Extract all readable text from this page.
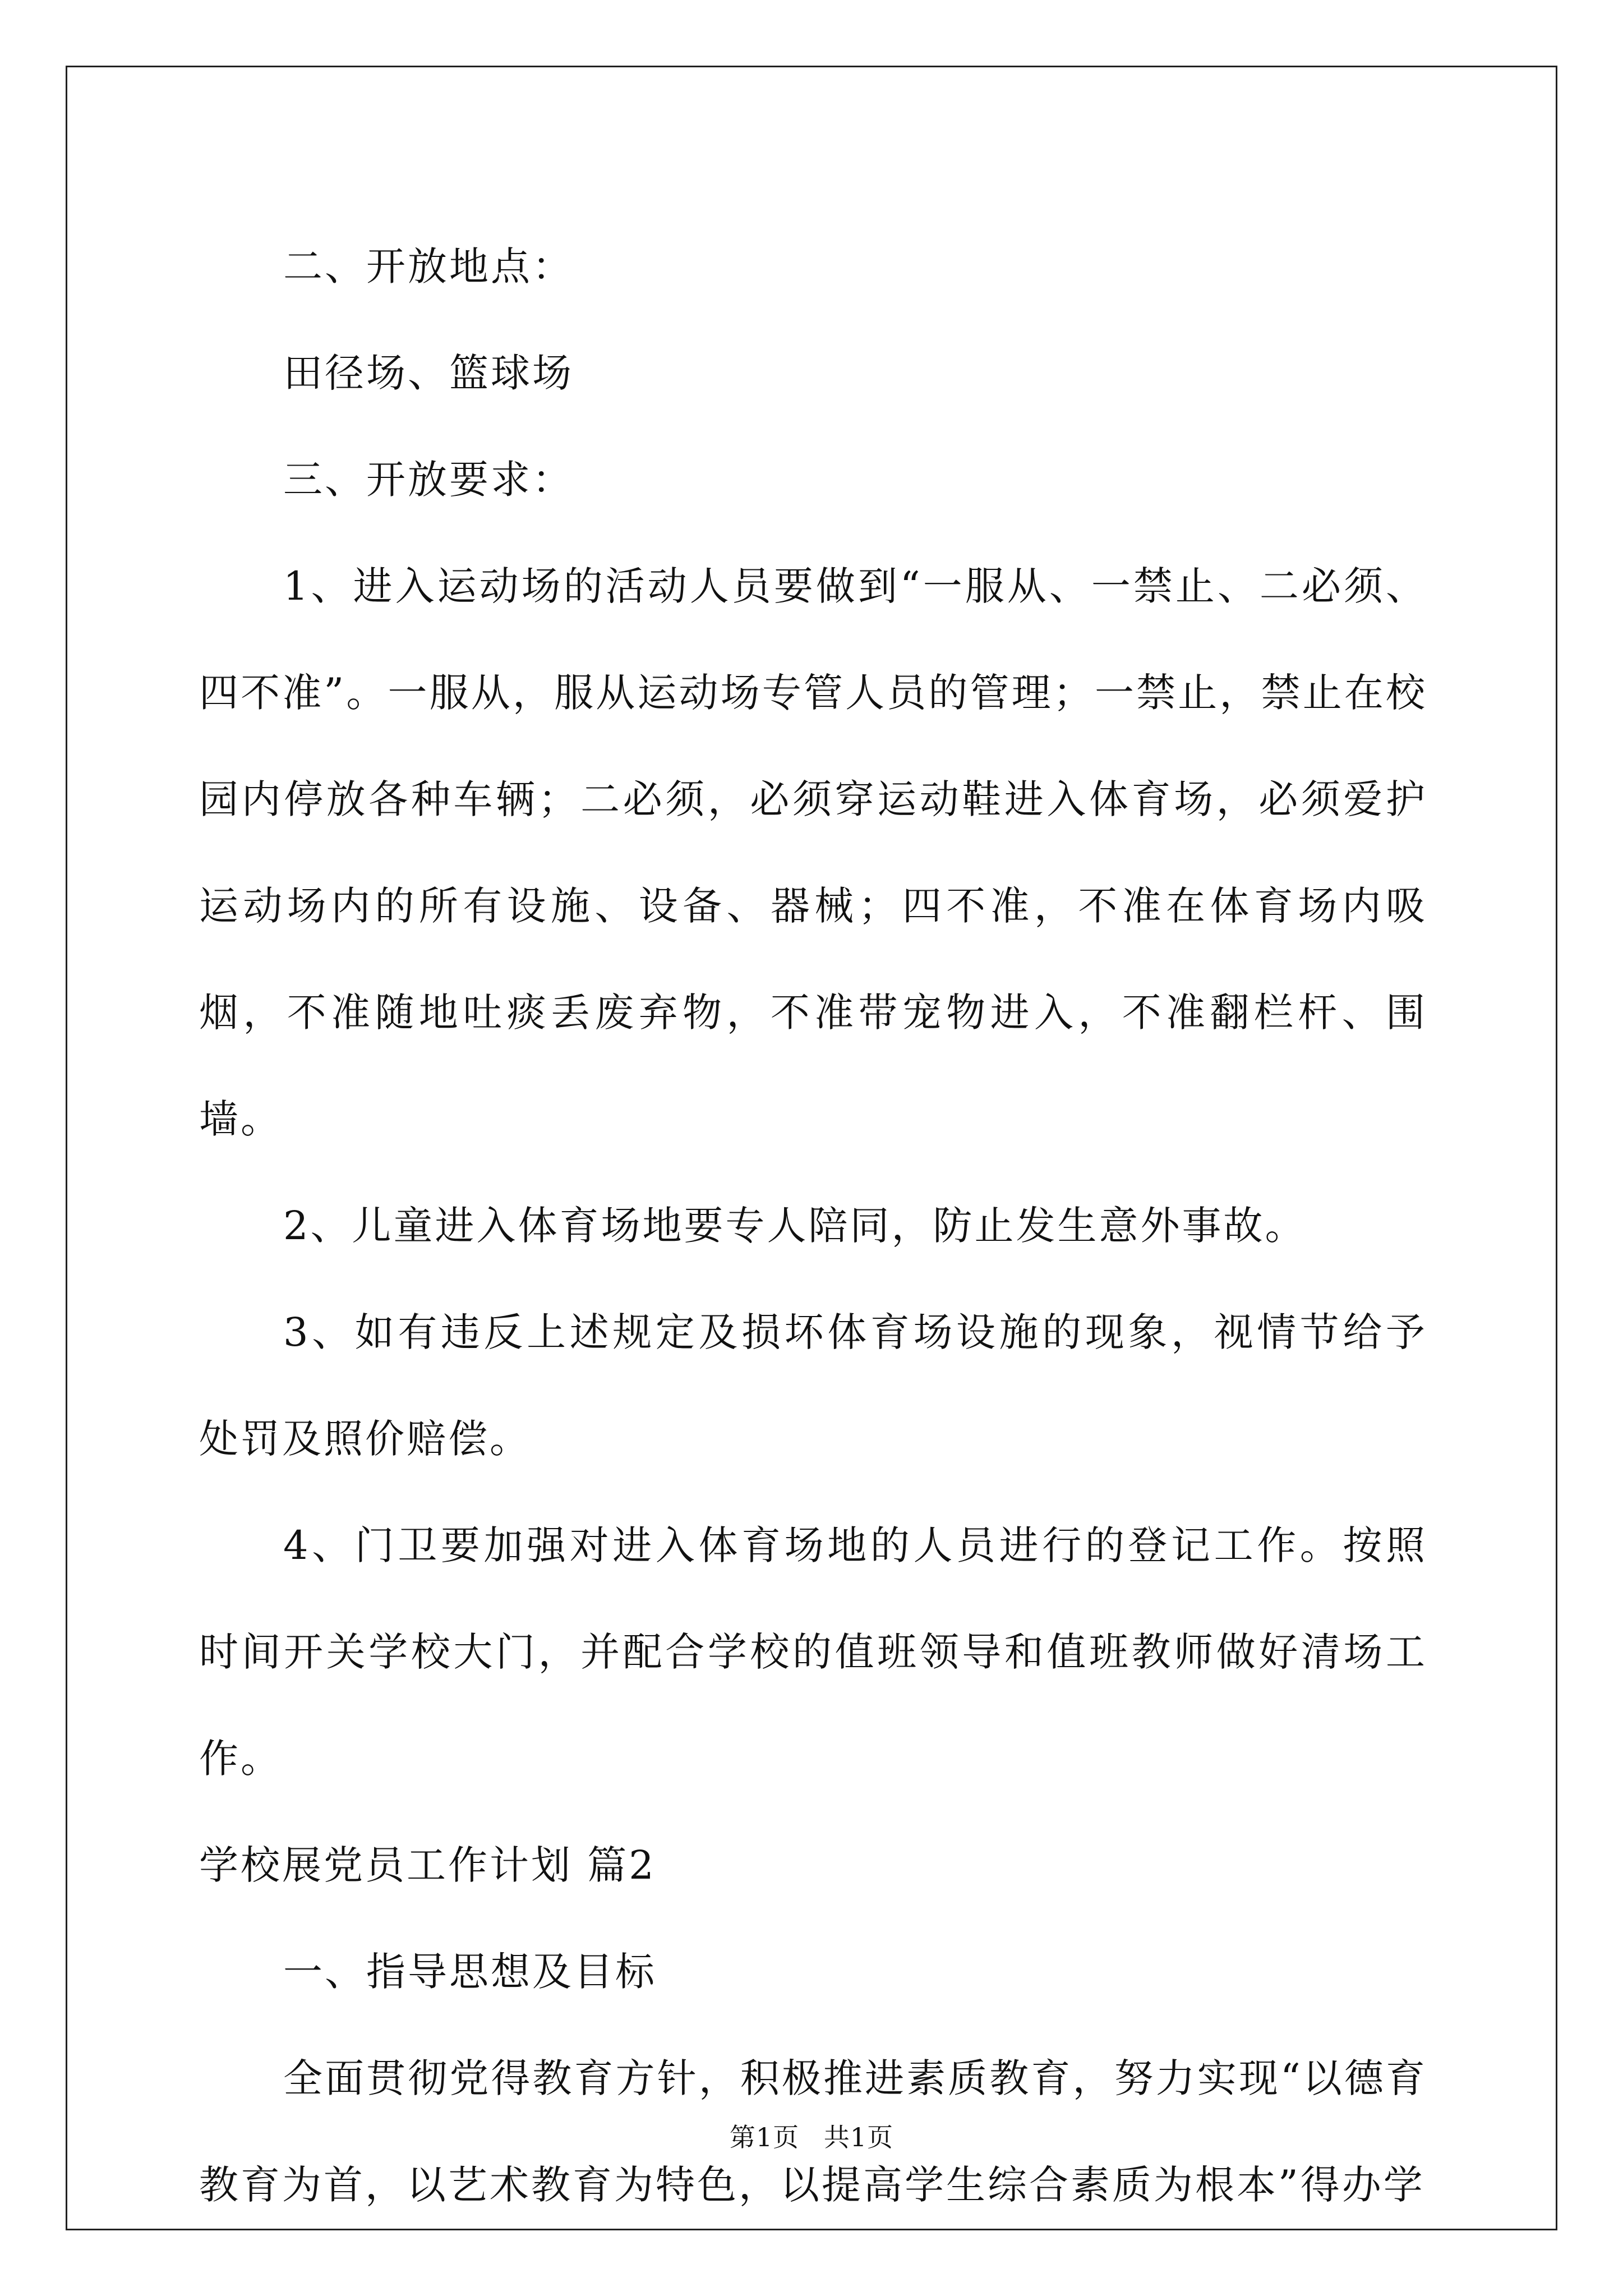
二、开放地点：

田径场、篮球场

三、开放要求：

1、进入运动场的活动人员要做到“一服从、一禁止、二必须、四不准”。一服从，服从运动场专管人员的管理；一禁止，禁止在校园内停放各种车辆；二必须，必须穿运动鞋进入体育场，必须爱护运动场内的所有设施、设备、器械；四不准，不准在体育场内吸烟，不准随地吐痰丢废弃物，不准带宠物进入，不准翻栏杆、围墙。

2、儿童进入体育场地要专人陪同，防止发生意外事故。

3、如有违反上述规定及损坏体育场设施的现象，视情节给予处罚及照价赔偿。

4、门卫要加强对进入体育场地的人员进行的登记工作。按照时间开关学校大门，并配合学校的值班领导和值班教师做好清场工作。

学校展党员工作计划 篇2

一、指导思想及目标

全面贯彻党得教育方针，积极推进素质教育，努力实现“以德育教育为首，以艺术教育为特色，以提高学生综合素质为根本”得办学

第1页 共1页
